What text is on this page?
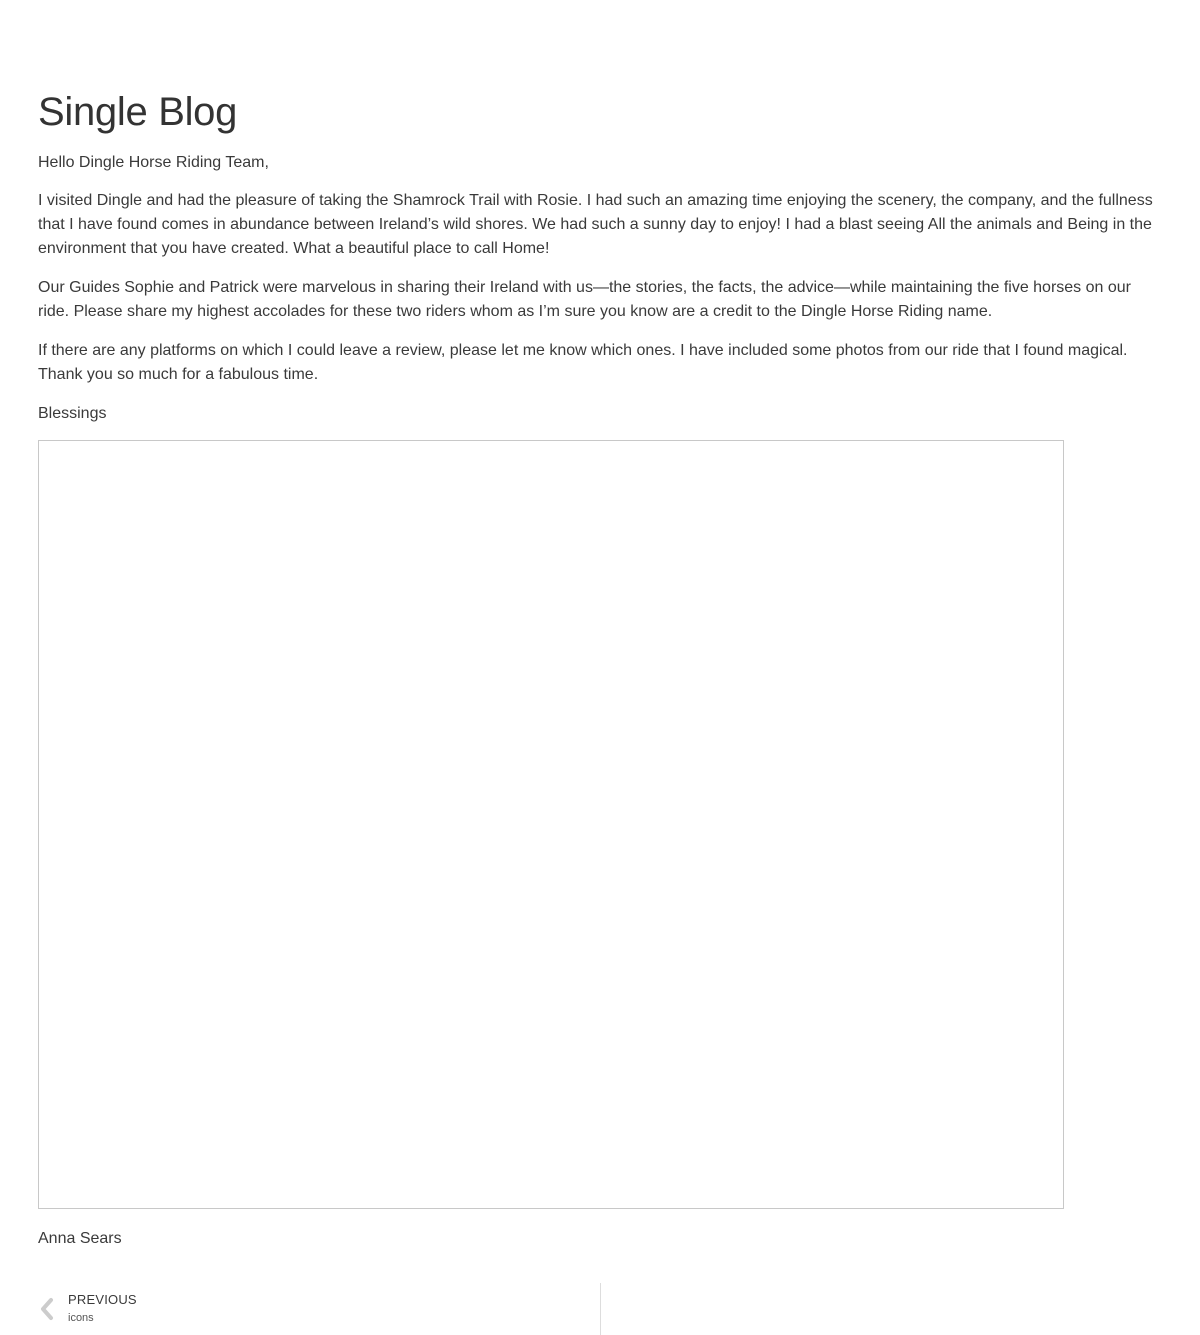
Single Blog

Hello Dingle Horse Riding Team,

I visited Dingle and had the pleasure of taking the Shamrock Trail with Rosie. I had such an amazing time enjoying the scenery, the company, and the fullness that I have found comes in abundance between Ireland’s wild shores. We had such a sunny day to enjoy! I had a blast seeing All the animals and Being in the environment that you have created. What a beautiful place to call Home!

Our Guides Sophie and Patrick were marvelous in sharing their Ireland with us—the stories, the facts, the advice—while maintaining the five horses on our ride. Please share my highest accolades for these two riders whom as I’m sure you know are a credit to the Dingle Horse Riding name.

If there are any platforms on which I could leave a review, please let me know which ones. I have included some photos from our ride that I found magical. Thank you so much for a fabulous time.

Blessings

Anna Sears

PREVIOUS
icons
